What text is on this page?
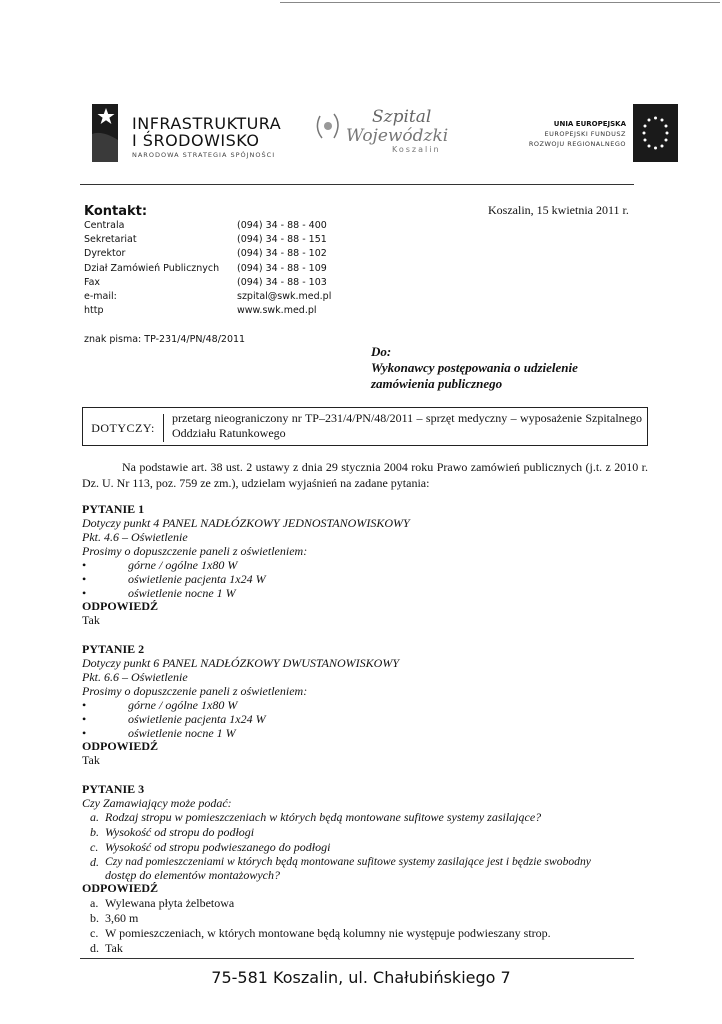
INFRASTRUKTURA
I ŚRODOWISKO
NARODOWA STRATEGIA SPÓJNOŚCI
Szpital
Wojewódzki
Koszalin
UNIA EUROPEJSKA
EUROPEJSKI FUNDUSZ
ROZWOJU REGIONALNEGO
Kontakt:
Centrala	(094) 34 - 88 - 400
Sekretariat	(094) 34 - 88 - 151
Dyrektor	(094) 34 - 88 - 102
Dział Zamówień Publicznych	(094) 34 - 88 - 109
Fax	(094) 34 - 88 - 103
e-mail:	szpital@swk.med.pl
http	www.swk.med.pl
Koszalin, 15 kwietnia 2011 r.
znak pisma: TP-231/4/PN/48/2011
Do:
Wykonawcy postępowania o udzielenie
zamówienia publicznego
DOTYCZY:
przetarg nieograniczony nr TP–231/4/PN/48/2011 – sprzęt medyczny – wyposażenie Szpitalnego Oddziału Ratunkowego
Na podstawie art. 38 ust. 2 ustawy z dnia 29 stycznia 2004 roku Prawo zamówień publicznych (j.t. z 2010 r. Dz. U. Nr 113, poz. 759 ze zm.), udzielam wyjaśnień na zadane pytania:
PYTANIE 1
Dotyczy punkt 4 PANEL NADŁÓZKOWY JEDNOSTANOWISKOWY
Pkt. 4.6 – Oświetlenie
Prosimy o dopuszczenie paneli z oświetleniem:
•	górne / ogólne 1x80 W
•	oświetlenie pacjenta 1x24 W
•	oświetlenie nocne 1 W
ODPOWIEDŹ
Tak
PYTANIE 2
Dotyczy punkt 6 PANEL NADŁÓZKOWY DWUSTANOWISKOWY
Pkt. 6.6 – Oświetlenie
Prosimy o dopuszczenie paneli z oświetleniem:
•	górne / ogólne 1x80 W
•	oświetlenie pacjenta 1x24 W
•	oświetlenie nocne 1 W
ODPOWIEDŹ
Tak
PYTANIE 3
Czy Zamawiający może podać:
a. Rodzaj stropu w pomieszczeniach w których będą montowane sufitowe systemy zasilające?
b. Wysokość od stropu do podłogi
c. Wysokość od stropu podwieszanego do podłogi
d. Czy nad pomieszczeniami w których będą montowane sufitowe systemy zasilające jest i będzie swobodny
dostęp do elementów montażowych?
ODPOWIEDŹ
a. Wylewana płyta żelbetowa
b. 3,60 m
c. W pomieszczeniach, w których montowane będą kolumny nie występuje podwieszany strop.
d. Tak
75-581 Koszalin, ul. Chałubińskiego 7
